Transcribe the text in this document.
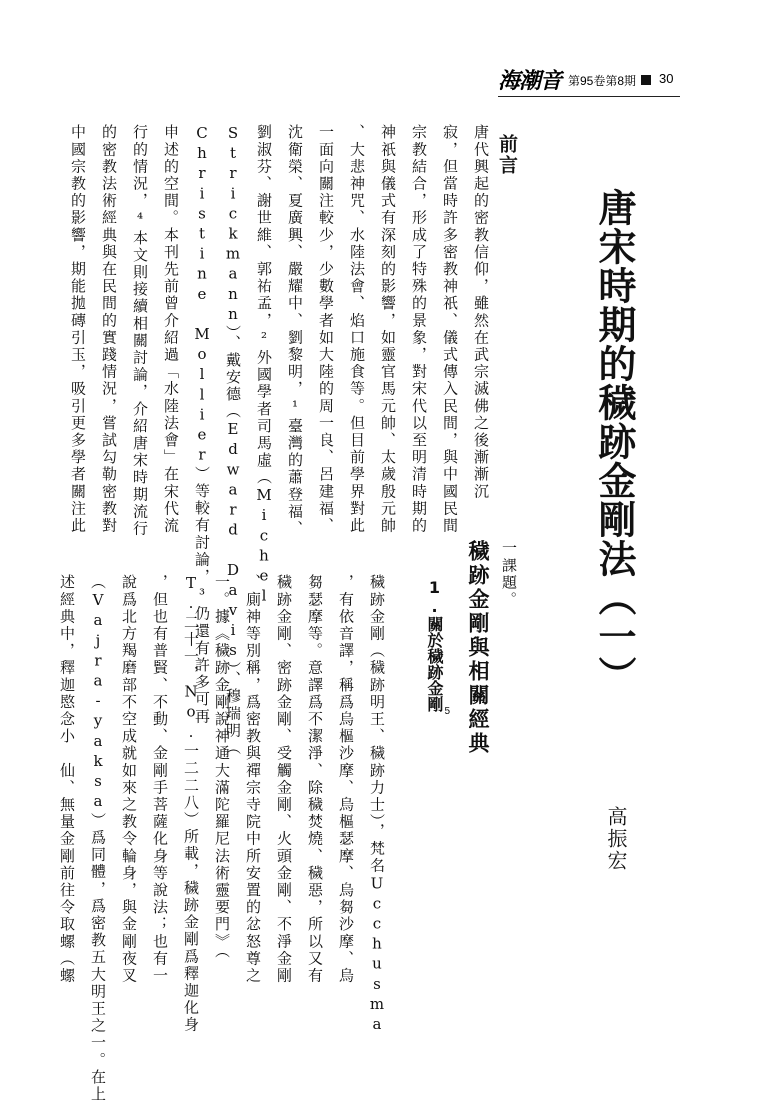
海潮音 第95卷第8期 30
唐宋時期的穢跡金剛法（一）
高振宏
前言
唐代興起的密教信仰，雖然在武宗滅佛之後漸漸沉
寂，但當時許多密教神祇、儀式傳入民間，與中國民間
宗教結合，形成了特殊的景象，對宋代以至明清時期的
神祇與儀式有深刻的影響，如靈官馬元帥、太歲殷元帥
、大悲神咒、水陸法會、焰口施食等。但目前學界對此
一面向關注較少，少數學者如大陸的周一良、呂建福、
沈衛榮、夏廣興、嚴耀中、劉黎明，¹臺灣的蕭登福、
劉淑芬、謝世維、郭祐孟，²外國學者司馬虛（Michel
Strickmann）、戴安德（Edward Davis）、穆瑞明（
Christine Mollier）等較有討論，³仍還有許多可再
申述的空間。本刊先前曾介紹過「水陸法會」在宋代流
行的情況，⁴本文則接續相關討論，介紹唐宋時期流行
的密教法術經典與在民間的實踐情況，嘗試勾勒密教對
中國宗教的影響，期能拋磚引玉，吸引更多學者關注此
一課題。
穢跡金剛與相關經典
1.關於穢跡金剛 5
穢跡金剛（穢跡明王、穢跡力士），梵名Ucchusma
，有依音譯，稱爲烏樞沙摩、烏樞瑟摩、烏芻沙摩、烏
芻瑟摩等。意譯爲不潔淨、除穢焚燒、穢惡，所以又有
穢跡金剛、密跡金剛、受觸金剛、火頭金剛、不淨金剛
、廁神等別稱，爲密教與禪宗寺院中所安置的忿怒尊之
一。據《穢跡金剛說神通大滿陀羅尼法術靈要門》（
T.二十一，No.一二二八）所載，穢跡金剛爲釋迦化身
，但也有普賢、不動、金剛手菩薩化身等說法；也有一
說爲北方羯磨部不空成就如來之教令輪身，與金剛夜叉
（Vajra-yaksa）爲同體，爲密教五大明王之一。在上
述經典中，釋迦愍念小　仙、無量金剛前往令取螺（螺
